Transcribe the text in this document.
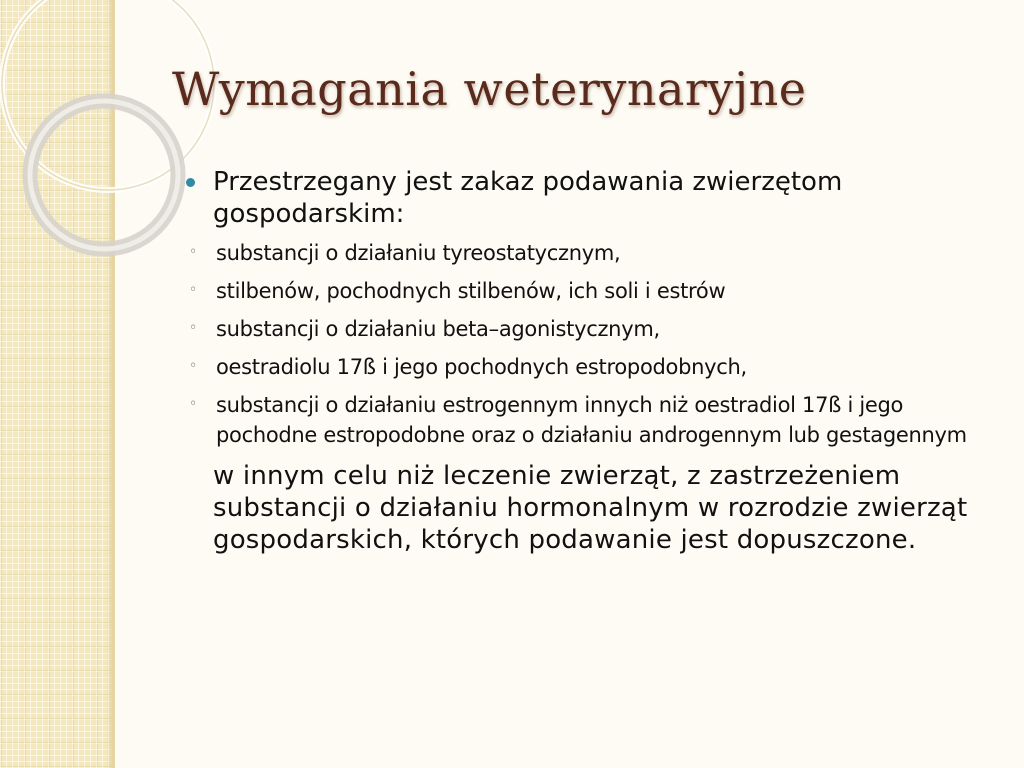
Wymagania weterynaryjne
Przestrzegany jest zakaz podawania zwierzętom gospodarskim:
◦ substancji o działaniu tyreostatycznym,
◦ stilbenów, pochodnych stilbenów, ich soli i estrów
◦ substancji o działaniu beta–agonistycznym,
◦ oestradiolu 17ß i jego pochodnych estropodobnych,
◦ substancji o działaniu estrogennym innych niż oestradiol 17ß i jego pochodne estropodobne oraz o działaniu androgennym lub gestagennym
w innym celu niż leczenie zwierząt, z zastrzeżeniem substancji o działaniu hormonalnym w rozrodzie zwierząt gospodarskich, których podawanie jest dopuszczone.
